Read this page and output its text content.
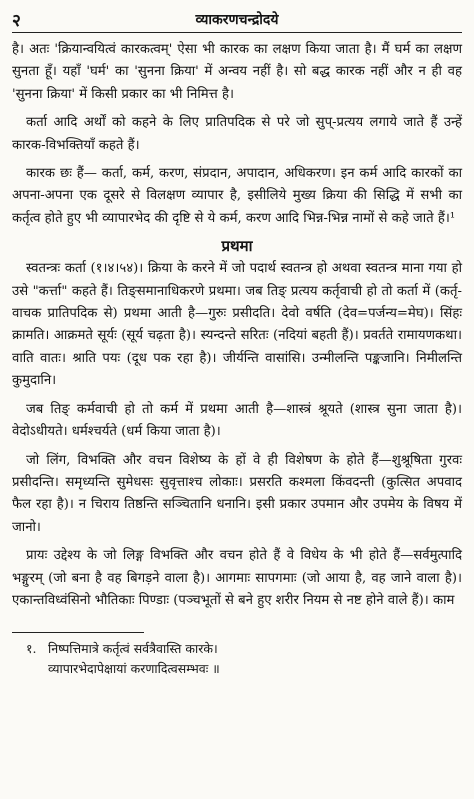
२	व्याकरणचन्द्रोदये

है। अतः 'क्रियान्वयित्वं कारकत्वम्' ऐसा भी कारक का लक्षण किया जाता है। मैं घर्म का लक्षण सुनता हूँ। यहाँ 'घर्म' का 'सुनना क्रिया' में अन्वय नहीं है। सो बद्ध कारक नहीं और न ही वह 'सुनना क्रिया' में किसी प्रकार का भी निमित्त है।

कर्ता आदि अर्थों को कहने के लिए प्रातिपदिक से परे जो सुप्-प्रत्यय लगाये जाते हैं उन्हें कारक-विभक्तियाँ कहते हैं।

कारक छः हैं— कर्ता, कर्म, करण, संप्रदान, अपादान, अधिकरण। इन कर्म आदि कारकों का अपना-अपना एक दूसरे से विलक्षण व्यापार है, इसीलिये मुख्य क्रिया की सिद्धि में सभी का कर्तृत्व होते हुए भी व्यापारभेद की दृष्टि से ये कर्म, करण आदि भिन्न-भिन्न नामों से कहे जाते हैं।¹

प्रथमा

स्वतन्त्रः कर्ता (१।४।५४)। क्रिया के करने में जो पदार्थ स्वतन्त्र हो अथवा स्वतन्त्र माना गया हो उसे "कर्त्ता" कहते हैं। तिङ्समानाधिकरणे प्रथमा। जब तिङ् प्रत्यय कर्तृवाची हो तो कर्ता में (कर्तृ-वाचक प्रातिपदिक से) प्रथमा आती है—गुरुः प्रसीदति। देवो वर्षति (देव=पर्जन्य=मेघ)। सिंहः क्रामति। आक्रमते सूर्यः (सूर्य चढ़ता है)। स्यन्दन्ते सरितः (नदियां बहती हैं)। प्रवर्तते रामायणकथा। वाति वातः। श्राति पयः (दूध पक रहा है)। जीर्यन्ति वासांसि। उन्मीलन्ति पङ्कजानि। निमीलन्ति कुमुदानि।

जब तिङ् कर्मवाची हो तो कर्म में प्रथमा आती है—शास्त्रं श्रूयते (शास्त्र सुना जाता है)। वेदोऽधीयते। धर्मश्चर्यते (धर्म किया जाता है)।

जो लिंग, विभक्ति और वचन विशेष्य के हों वे ही विशेषण के होते हैं—शुश्रूषिता गुरवः प्रसीदन्ति। समृध्यन्ति सुमेधसः सुवृत्ताश्च लोकाः। प्रसरति कश्मला किंवदन्ती (कुत्सित अपवाद फैल रहा है)। न चिराय तिष्ठन्ति सञ्चितानि धनानि। इसी प्रकार उपमान और उपमेय के विषय में जानो।

प्रायः उद्देश्य के जो लिङ्ग विभक्ति और वचन होते हैं वे विधेय के भी होते हैं—सर्वमुत्पादि भङ्गुरम् (जो बना है वह बिगड़ने वाला है)। आगमाः सापगमाः (जो आया है, वह जाने वाला है)। एकान्तविध्वंसिनो भौतिकाः पिण्डाः (पञ्चभूतों से बने हुए शरीर नियम से नष्ट होने वाले हैं)। काम

१. निष्पत्तिमात्रे कर्तृत्वं सर्वत्रैवास्ति कारके।

व्यापारभेदापेक्षायां करणादित्वसम्भवः ॥
